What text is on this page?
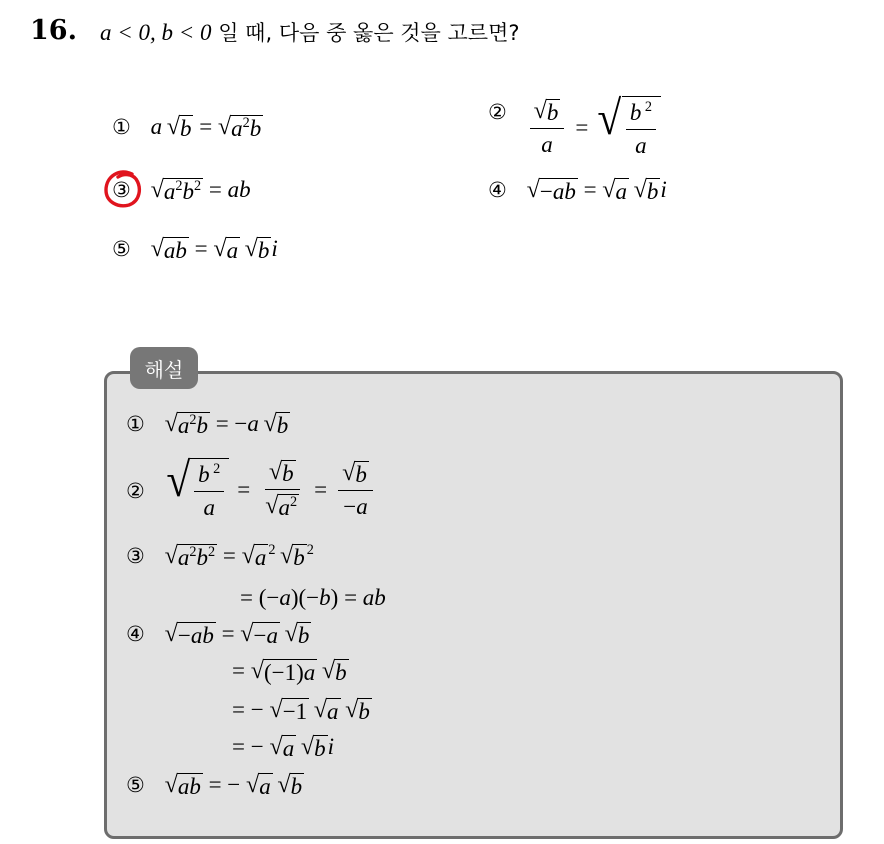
16. a < 0, b < 0 일 때, 다음 중 옳은 것을 고르면?
① a  √ b = √ $a^2b$
② $\frac{√ b}{a}$ = √ $\frac{b ^2}{a}$
③ √ $a^2b^2$ = ab	④ √ −ab = √ a
  √ b i
⑤ √ ab = √ a
  √ b i
해설
① √ $a^2b = -a$  √ b
② √ $\frac{b ^2}{a} = \frac{√ b}{√ a^2} = \frac{√ b}{-a}$
③ √ $a^2b^2$ = √ a $^2$  √ b $^2$
= (−a)(−b) = ab
④ √ −ab = √ −a
  √ b
= √ (−1)a
  √ b
= − √ −1
  √ a
  √ b
= − √ a
  √ b i
⑤ √ ab = − √ a
  √ b
